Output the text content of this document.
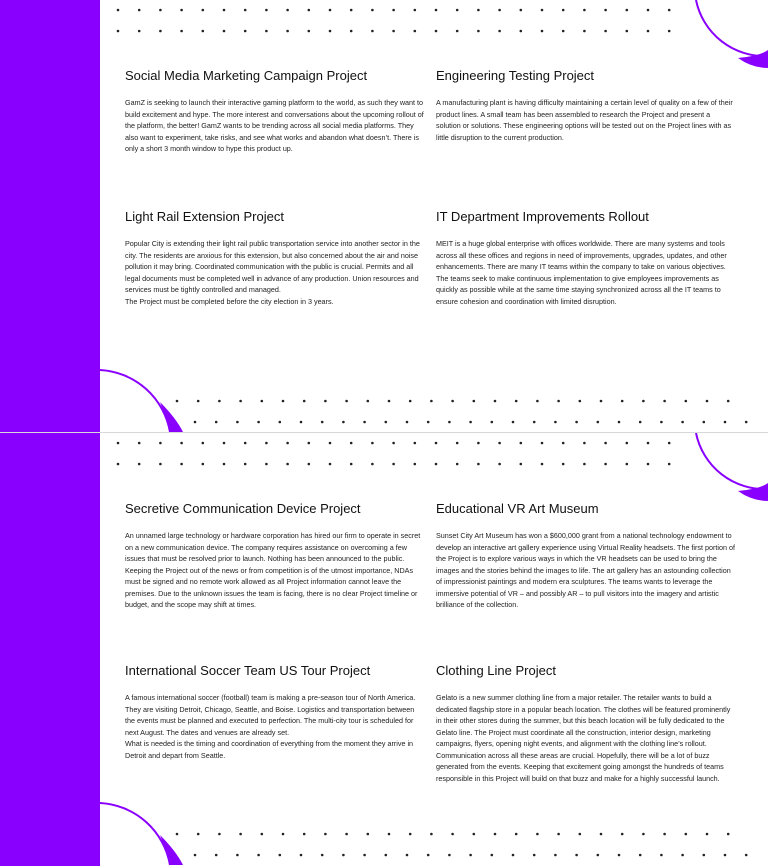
Social Media Marketing Campaign Project

GamZ is seeking to launch their interactive gaming platform to the world, as such they want to build excitement and hype. The more interest and conversations about the upcoming rollout of the platform, the better! GamZ wants to be trending across all social media platforms. They also want to experiment, take risks, and see what works and abandon what doesn’t. There is only a short 3 month window to hype this product up.

Engineering Testing Project

A manufacturing plant is having difficulty maintaining a certain level of quality on a few of their product lines. A small team has been assembled to research the Project and present a solution or solutions. These engineering options will be tested out on the Project lines with as little disruption to the current production.

Light Rail Extension Project

Popular City is extending their light rail public transportation service into another sector in the city. The residents are anxious for this extension, but also concerned about the air and noise pollution it may bring. Coordinated communication with the public is crucial. Permits and all legal documents must be completed well in advance of any production. Union resources and services must be tightly controlled and managed.
The Project must be completed before the city election in 3 years.

IT Department Improvements Rollout

MEIT is a huge global enterprise with offices worldwide. There are many systems and tools across all these offices and regions in need of improvements, upgrades, updates, and other enhancements. There are many IT teams within the company to take on various objectives. The teams seek to make continuous implementation to give employees improvements as quickly as possible while at the same time staying synchronized across all the IT teams to ensure cohesion and coordination with limited disruption.

Secretive Communication Device Project

An unnamed large technology or hardware corporation has hired our firm to operate in secret on a new communication device. The company requires assistance on overcoming a few issues that must be resolved prior to launch. Nothing has been announced to the public. Keeping the Project out of the news or from competition is of the utmost importance, NDAs must be signed and no remote work allowed as all Project information cannot leave the premises. Due to the unknown issues the team is facing, there is no clear Project timeline or budget, and the scope may shift at times.

Educational VR Art Museum

Sunset City Art Museum has won a $600,000 grant from a national technology endowment to develop an interactive art gallery experience using Virtual Reality headsets. The first portion of the Project is to explore various ways in which the VR headsets can be used to bring the images and the stories behind the images to life. The art gallery has an astounding collection of impressionist paintings and modern era sculptures. The teams wants to leverage the immersive potential of VR – and possibly AR – to pull visitors into the imagery and artistic brilliance of the collection.

International Soccer Team US Tour Project

A famous international soccer (football) team is making a pre-season tour of North America. They are visiting Detroit, Chicago, Seattle, and Boise. Logistics and transportation between the events must be planned and executed to perfection. The multi-city tour is scheduled for next August. The dates and venues are already set.
What is needed is the timing and coordination of everything from the moment they arrive in Detroit and depart from Seattle.

Clothing Line Project

Gelato is a new summer clothing line from a major retailer. The retailer wants to build a dedicated flagship store in a popular beach location. The clothes will be featured prominently in their other stores during the summer, but this beach location will be fully dedicated to the Gelato line. The Project must coordinate all the construction, interior design, marketing campaigns, flyers, opening night events, and alignment with the clothing line’s rollout. Communication across all these areas are crucial. Hopefully, there will be a lot of buzz generated from the events. Keeping that excitement going amongst the hundreds of teams responsible in this Project will build on that buzz and make for a highly successful launch.
